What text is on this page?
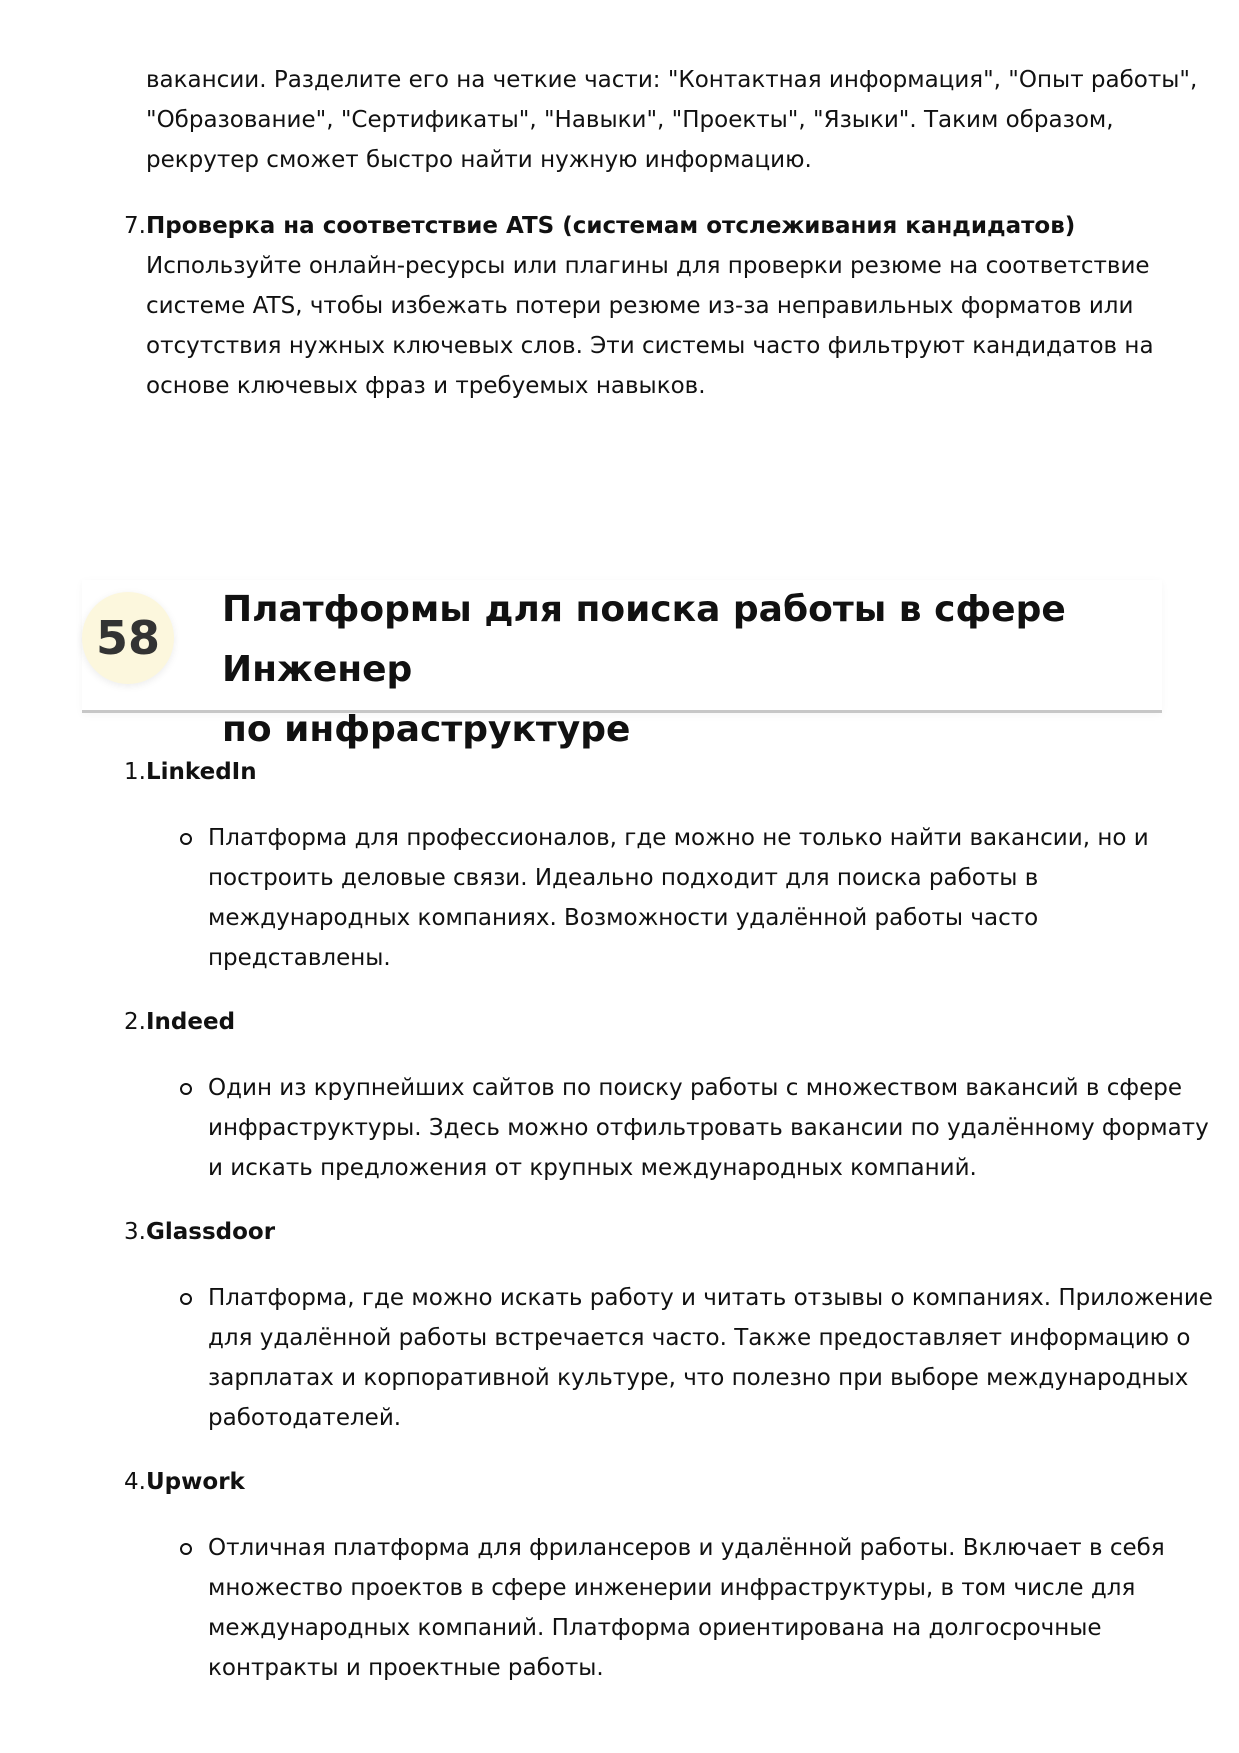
вакансии. Разделите его на четкие части: "Контактная информация", "Опыт работы",
"Образование", "Сертификаты", "Навыки", "Проекты", "Языки". Таким образом,
рекрутер сможет быстро найти нужную информацию.
7. Проверка на соответствие ATS (системам отслеживания кандидатов)
Используйте онлайн-ресурсы или плагины для проверки резюме на соответствие
системе ATS, чтобы избежать потери резюме из-за неправильных форматов или
отсутствия нужных ключевых слов. Эти системы часто фильтруют кандидатов на
основе ключевых фраз и требуемых навыков.
58
Платформы для поиска работы в сфере Инженер
по инфраструктуре
1. LinkedIn
Платформа для профессионалов, где можно не только найти вакансии, но и
построить деловые связи. Идеально подходит для поиска работы в
международных компаниях. Возможности удалённой работы часто
представлены.
2. Indeed
Один из крупнейших сайтов по поиску работы с множеством вакансий в сфере
инфраструктуры. Здесь можно отфильтровать вакансии по удалённому формату
и искать предложения от крупных международных компаний.
3. Glassdoor
Платформа, где можно искать работу и читать отзывы о компаниях. Приложение
для удалённой работы встречается часто. Также предоставляет информацию о
зарплатах и корпоративной культуре, что полезно при выборе международных
работодателей.
4. Upwork
Отличная платформа для фрилансеров и удалённой работы. Включает в себя
множество проектов в сфере инженерии инфраструктуры, в том числе для
международных компаний. Платформа ориентирована на долгосрочные
контракты и проектные работы.
